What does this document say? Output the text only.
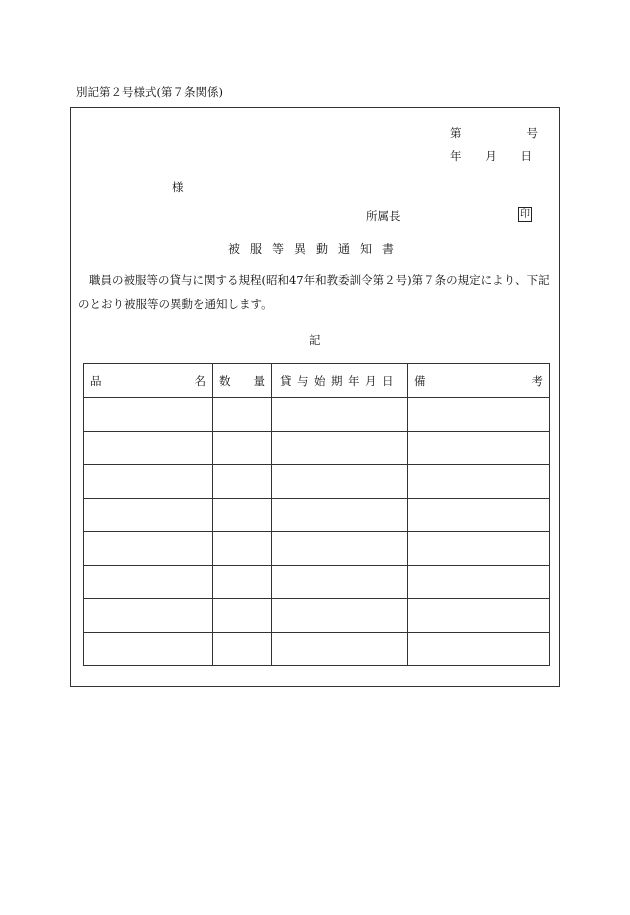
別記第２号様式(第７条関係)
第	号
年 月 日
様
所属長	印
被服等異動通知書
職員の被服等の貸与に関する規程(昭和47年和教委訓令第２号)第７条の規定により、下記のとおり被服等の異動を通知します。
記
品 名	数 量	貸与始期年月日	備 考
